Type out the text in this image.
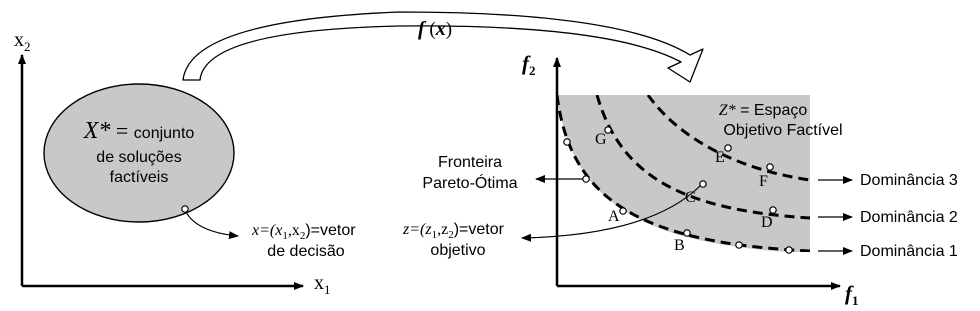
f (x)
$x_2$
$x_1$
X* = conjunto
de soluções
factíveis
$x=(x_1,x_2)=vetor$
de decisão
$f_2$
$f_1$
Z* = Espaço
Objetivo Factível
A
B
C
D
E
F
G
Fronteira
Pareto-Ótima
$z=(z_1,z_2)=vetor$
objetivo
Dominância 3
Dominância 2
Dominância 1
